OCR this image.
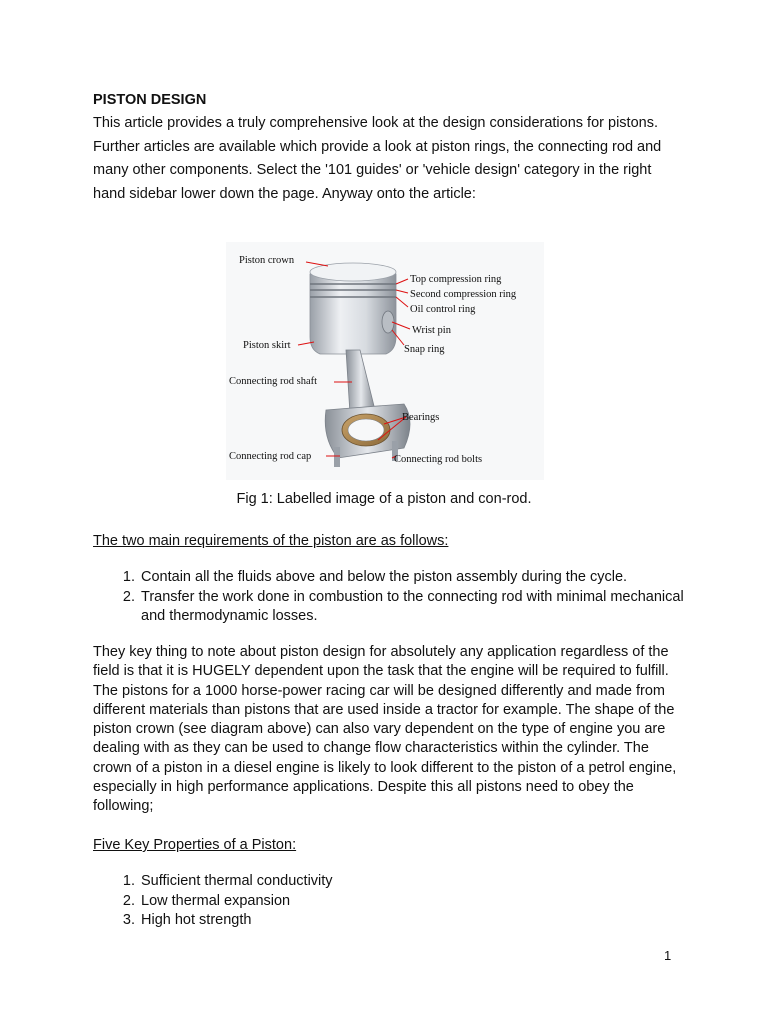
PISTON DESIGN
This article provides a truly comprehensive look at the design considerations for pistons. Further articles are available which provide a look at piston rings, the connecting rod and many other components. Select the '101 guides' or 'vehicle design' category in the right hand sidebar lower down the page. Anyway onto the article:
Piston crown
Top compression ring
Second compression ring
Oil control ring
Wrist pin
Snap ring
Piston skirt
Connecting rod shaft
Bearings
Connecting rod cap	Connecting rod bolts
Fig 1: Labelled image of a piston and con-rod.
The two main requirements of the piston are as follows:
1. Contain all the fluids above and below the piston assembly during the cycle.
2. Transfer the work done in combustion to the connecting rod with minimal mechanical and thermodynamic losses.
They key thing to note about piston design for absolutely any application regardless of the field is that it is HUGELY dependent upon the task that the engine will be required to fulfill. The pistons for a 1000 horse-power racing car will be designed differently and made from different materials than pistons that are used inside a tractor for example. The shape of the piston crown (see diagram above) can also vary dependent on the type of engine you are dealing with as they can be used to change flow characteristics within the cylinder. The crown of a piston in a diesel engine is likely to look different to the piston of a petrol engine, especially in high performance applications. Despite this all pistons need to obey the following;
Five Key Properties of a Piston:
1. Sufficient thermal conductivity
2. Low thermal expansion
3. High hot strength
1
